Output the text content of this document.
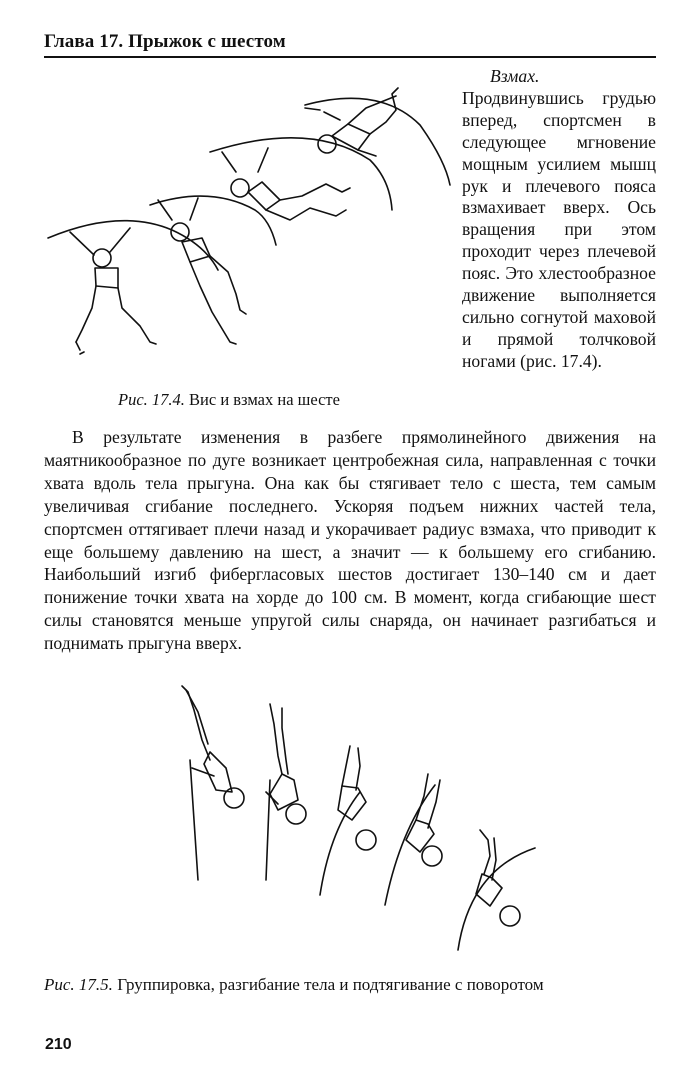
Глава 17. Прыжок с шестом
Рис. 17.4. Вис и взмах на шесте
Взмах. Продвинувшись грудью вперед, спортсмен в следующее мгновение мощным усилием мышц рук и плечевого пояса взмахивает вверх. Ось вращения при этом проходит через плечевой пояс. Это хлестообразное движение выполняется сильно согнутой маховой и прямой толчковой ногами (рис. 17.4).
В результате изменения в разбеге прямолинейного движения на маятникообразное по дуге возникает центробежная сила, направленная с точки хвата вдоль тела прыгуна. Она как бы стягивает тело с шеста, тем самым увеличивая сгибание последнего. Ускоряя подъем нижних частей тела, спортсмен оттягивает плечи назад и укорачивает радиус взмаха, что приводит к еще большему давлению на шест, а значит — к большему его сгибанию. Наибольший изгиб фибергласовых шестов достигает 130–140 см и дает понижение точки хвата на хорде до 100 см. В момент, когда сгибающие шест силы становятся меньше упругой силы снаряда, он начинает разгибаться и поднимать прыгуна вверх.
Рис. 17.5. Группировка, разгибание тела и подтягивание с поворотом
210
